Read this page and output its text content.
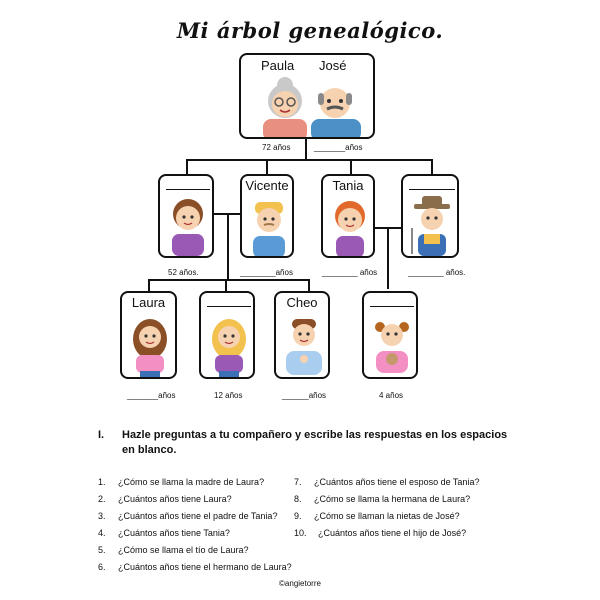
Mi árbol genealógico.
Paula José
72 años	_______años
Vicente	Tania
52 años.	________años	________ años	________ años.
Laura	Cheo
_______años	12 años	______años	4 años
I. Hazle preguntas a tu compañero y escribe las respuestas en los espacios en blanco.
1. ¿Cómo se llama la madre de Laura?
2. ¿Cuántos años tiene Laura?
3. ¿Cuántos años tiene el padre de Tania?
4. ¿Cuántos años tiene Tania?
5. ¿Cómo se llama el tío de Laura?
6. ¿Cuántos años tiene el hermano de Laura?
7. ¿Cuántos años tiene el esposo de Tania?
8. ¿Cómo se llama la hermana de Laura?
9. ¿Cómo se llaman la nietas de José?
10. ¿Cuántos años tiene el hijo de José?
©angietorre
